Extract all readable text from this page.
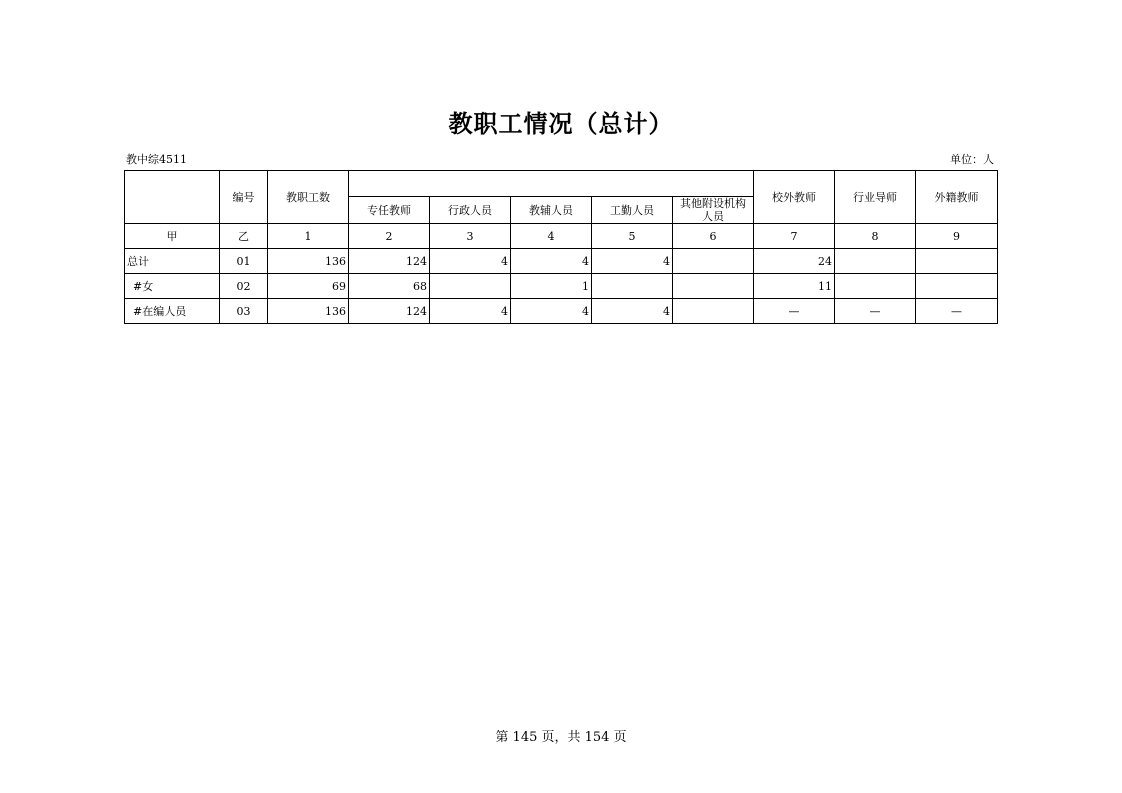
教职工情况（总计）
教中综4511	单位：人
	编号	教职工数						校外教师	行业导师	外籍教师
			专任教师	行政人员	教辅人员	工勤人员	其他附设机构人员			
甲	乙	1	2	3	4	5	6	7	8	9
总计	01	136	124	4	4	4		24		
#女	02	69	68		1			11		
#在编人员	03	136	124	4	4	4		—	—	—
第 145 页，共 154 页
